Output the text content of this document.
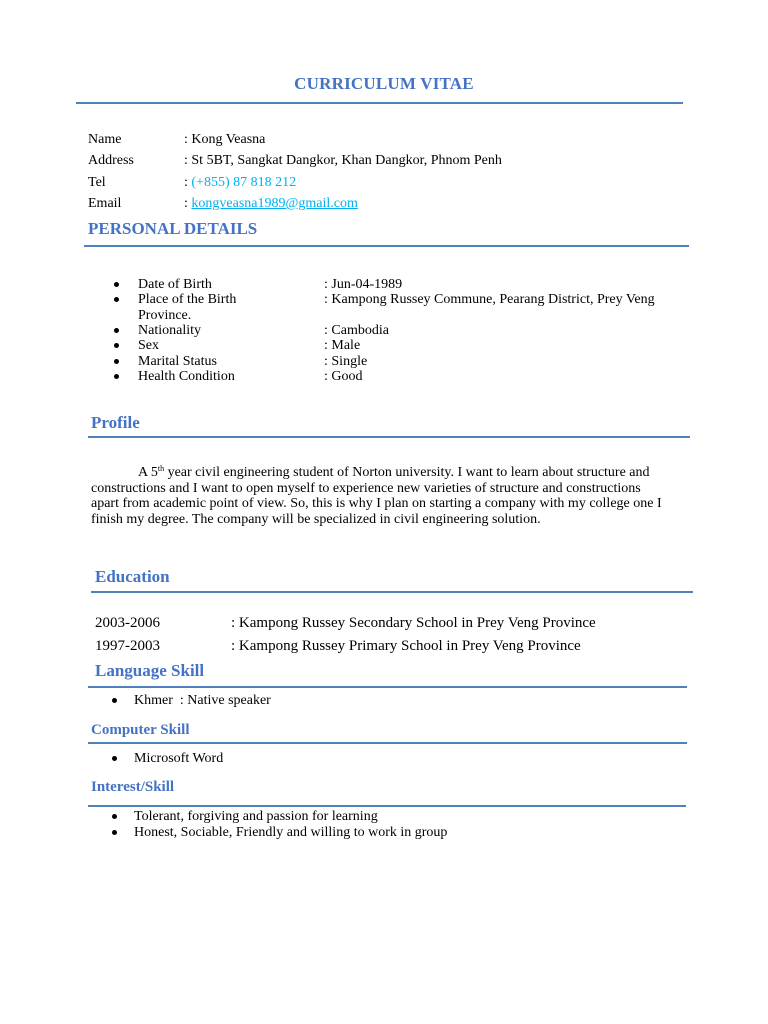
CURRICULUM VITAE
Name	: Kong Veasna
Address	: St 5BT, Sangkat Dangkor, Khan Dangkor, Phnom Penh
Tel	: (+855) 87 818 212
Email	: kongveasna1989@gmail.com
PERSONAL DETAILS
Date of Birth	: Jun-04-1989
Place of the Birth	: Kampong Russey Commune, Pearang District, Prey Veng
Province.
Nationality	: Cambodia
Sex	: Male
Marital Status	: Single
Health Condition	: Good
Profile
A 5th year civil engineering student of Norton university. I want to learn about structure and
constructions and I want to open myself to experience new varieties of structure and constructions
apart from academic point of view. So, this is why I plan on starting a company with my college one I
finish my degree. The company will be specialized in civil engineering solution.
Education
2003-2006	: Kampong Russey Secondary School in Prey Veng Province
1997-2003	: Kampong Russey Primary School in Prey Veng Province
Language Skill
Khmer  : Native speaker
Computer Skill
Microsoft Word
Interest/Skill
Tolerant, forgiving and passion for learning
Honest, Sociable, Friendly and willing to work in group
